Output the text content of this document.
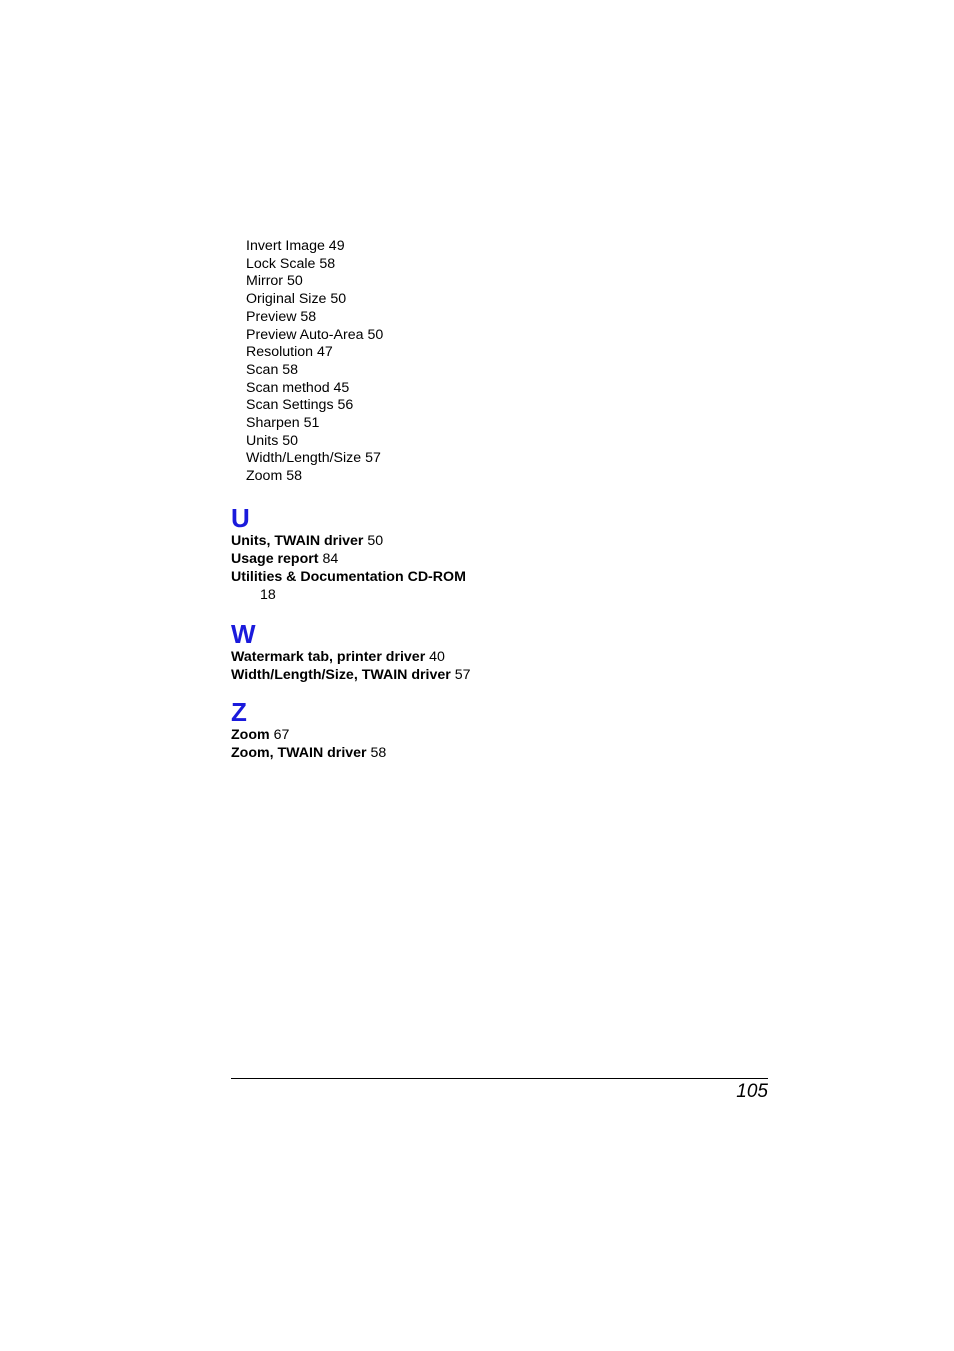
Invert Image 49
Lock Scale 58
Mirror 50
Original Size 50
Preview 58
Preview Auto-Area 50
Resolution 47
Scan 58
Scan method 45
Scan Settings 56
Sharpen 51
Units 50
Width/Length/Size 57
Zoom 58
U
Units, TWAIN driver 50
Usage report 84
Utilities & Documentation CD-ROM
18
W
Watermark tab, printer driver 40
Width/Length/Size, TWAIN driver 57
Z
Zoom 67
Zoom, TWAIN driver 58
105
